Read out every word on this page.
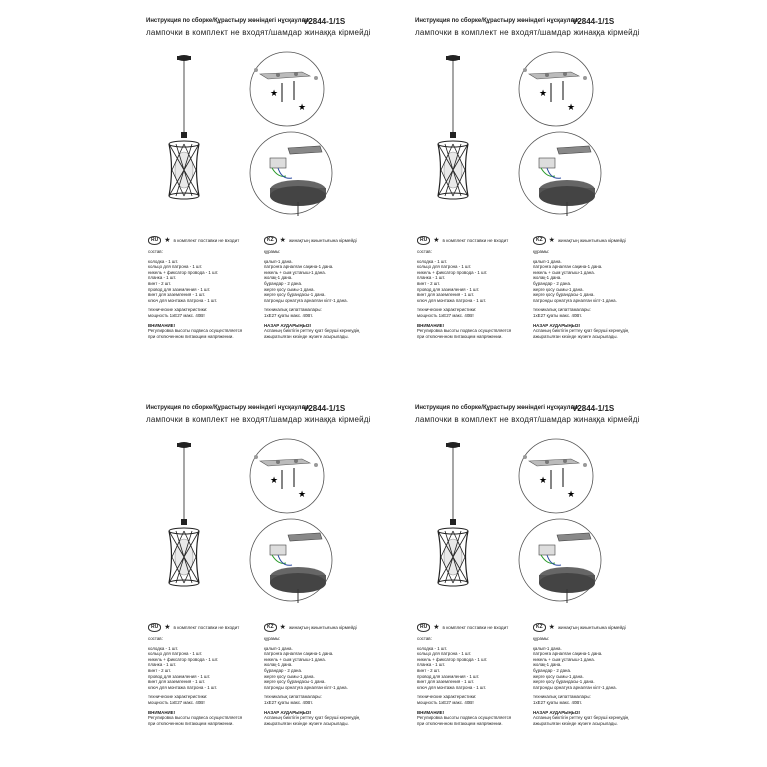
Инструкция по сборке/Құрастыру жөніндегі нұсқаулық
V2844-1/1S
лампочки в комплект не входят/шамдар жинаққа кірмейді
★
★
RU ★ в комплект поставки не входит
состав:
колодка - 1 шт.
кольцо для патрона - 1 шт.
никель + фиксатор провода - 1 шт.
планка - 1 шт.
винт - 2 шт.
провод для заземления - 1 шт.
винт для заземления - 1 шт.
ключ для монтажа патрона - 1 шт.
технические характеристики:
мощность 1xE27 макс. 40Вт
ВНИМАНИЕ!
Регулировка высоты подвеса осуществляется
при отключенном питающем напряжении.
KZ ★ жинақтың жиынтығына кірмейді
құрамы:
қалып-1 дана.
патронға арналған сақина-1 дана.
никель + сым ұстағыш-1 дана.
жолақ-1 дана.
бұрандар - 2 дана.
жерге қосу сымы-1 дана.
жерге қосу бұрандасы-1 дана.
патронды орнатуға арналған кілт-1 дана.
техникалық сипаттамалары:
1xE27 қуаты макс. 40Вт.
НАЗАР АУДАРЫҢЫЗ!
Аспаның биіктігін реттеу қуат беруші кернеудің
ажыратылған кезінде жүзеге асырылады.
Инструкция по сборке/Құрастыру жөніндегі нұсқаулық
V2844-1/1S
лампочки в комплект не входят/шамдар жинаққа кірмейді
★
★
RU ★ в комплект поставки не входит
состав:
колодка - 1 шт.
кольцо для патрона - 1 шт.
никель + фиксатор провода - 1 шт.
планка - 1 шт.
винт - 2 шт.
провод для заземления - 1 шт.
винт для заземления - 1 шт.
ключ для монтажа патрона - 1 шт.
технические характеристики:
мощность 1xE27 макс. 40Вт
ВНИМАНИЕ!
Регулировка высоты подвеса осуществляется
при отключенном питающем напряжении.
KZ ★ жинақтың жиынтығына кірмейді
құрамы:
қалып-1 дана.
патронға арналған сақина-1 дана.
никель + сым ұстағыш-1 дана.
жолақ-1 дана.
бұрандар - 2 дана.
жерге қосу сымы-1 дана.
жерге қосу бұрандасы-1 дана.
патронды орнатуға арналған кілт-1 дана.
техникалық сипаттамалары:
1xE27 қуаты макс. 40Вт.
НАЗАР АУДАРЫҢЫЗ!
Аспаның биіктігін реттеу қуат беруші кернеудің
ажыратылған кезінде жүзеге асырылады.
Инструкция по сборке/Құрастыру жөніндегі нұсқаулық
V2844-1/1S
лампочки в комплект не входят/шамдар жинаққа кірмейді
★
★
RU ★ в комплект поставки не входит
состав:
колодка - 1 шт.
кольцо для патрона - 1 шт.
никель + фиксатор провода - 1 шт.
планка - 1 шт.
винт - 2 шт.
провод для заземления - 1 шт.
винт для заземления - 1 шт.
ключ для монтажа патрона - 1 шт.
технические характеристики:
мощность 1xE27 макс. 40Вт
ВНИМАНИЕ!
Регулировка высоты подвеса осуществляется
при отключенном питающем напряжении.
KZ ★ жинақтың жиынтығына кірмейді
құрамы:
қалып-1 дана.
патронға арналған сақина-1 дана.
никель + сым ұстағыш-1 дана.
жолақ-1 дана.
бұрандар - 2 дана.
жерге қосу сымы-1 дана.
жерге қосу бұрандасы-1 дана.
патронды орнатуға арналған кілт-1 дана.
техникалық сипаттамалары:
1xE27 қуаты макс. 40Вт.
НАЗАР АУДАРЫҢЫЗ!
Аспаның биіктігін реттеу қуат беруші кернеудің
ажыратылған кезінде жүзеге асырылады.
Инструкция по сборке/Құрастыру жөніндегі нұсқаулық
V2844-1/1S
лампочки в комплект не входят/шамдар жинаққа кірмейді
★
★
RU ★ в комплект поставки не входит
состав:
колодка - 1 шт.
кольцо для патрона - 1 шт.
никель + фиксатор провода - 1 шт.
планка - 1 шт.
винт - 2 шт.
провод для заземления - 1 шт.
винт для заземления - 1 шт.
ключ для монтажа патрона - 1 шт.
технические характеристики:
мощность 1xE27 макс. 40Вт
ВНИМАНИЕ!
Регулировка высоты подвеса осуществляется
при отключенном питающем напряжении.
KZ ★ жинақтың жиынтығына кірмейді
құрамы:
қалып-1 дана.
патронға арналған сақина-1 дана.
никель + сым ұстағыш-1 дана.
жолақ-1 дана.
бұрандар - 2 дана.
жерге қосу сымы-1 дана.
жерге қосу бұрандасы-1 дана.
патронды орнатуға арналған кілт-1 дана.
техникалық сипаттамалары:
1xE27 қуаты макс. 40Вт.
НАЗАР АУДАРЫҢЫЗ!
Аспаның биіктігін реттеу қуат беруші кернеудің
ажыратылған кезінде жүзеге асырылады.
